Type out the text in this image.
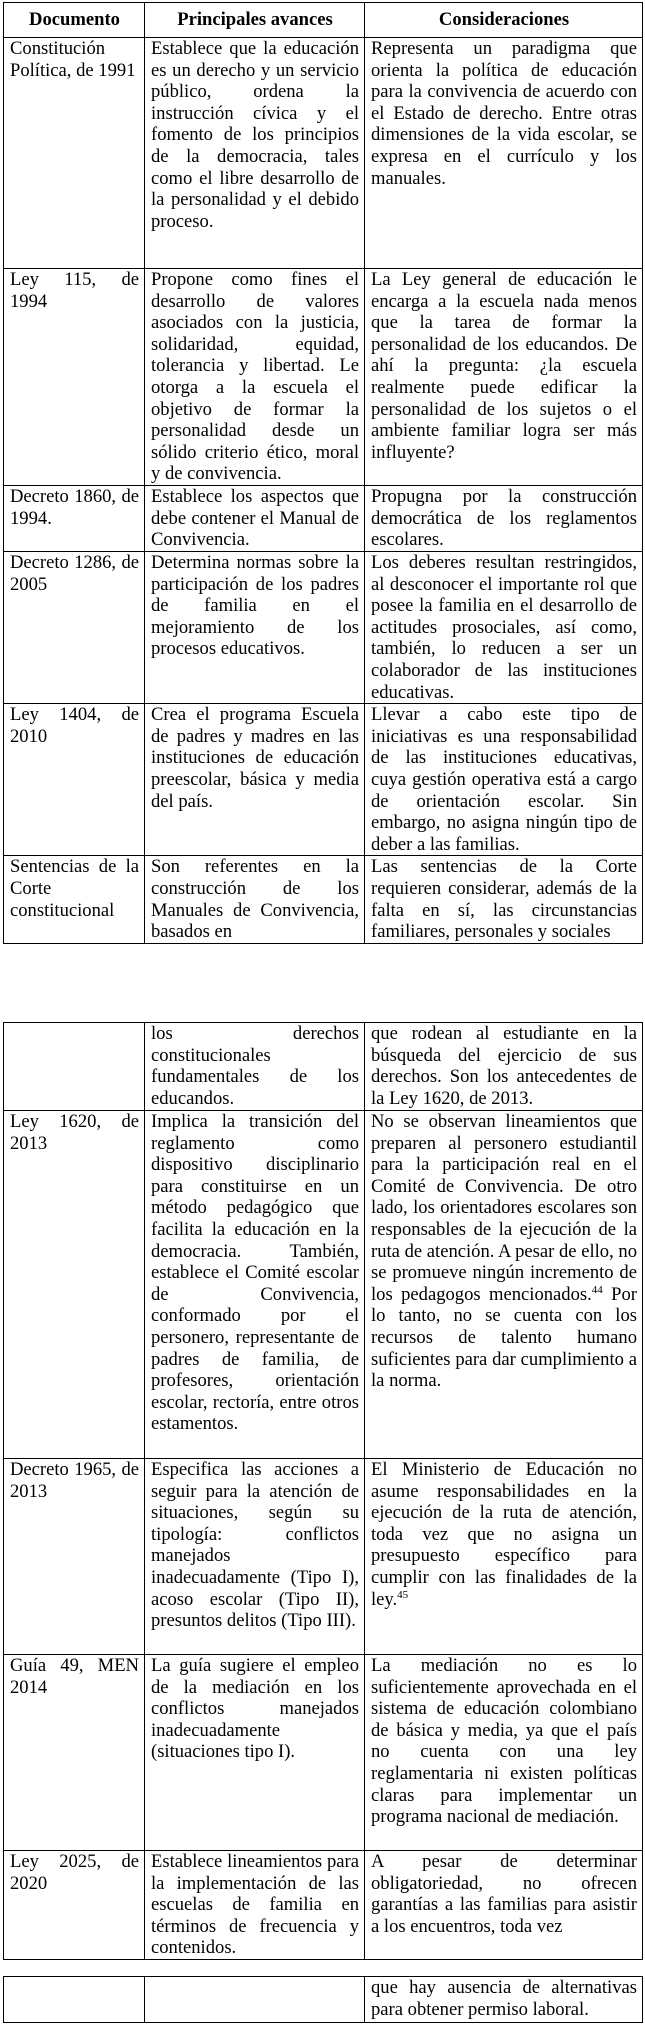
Documento	Principales avances	Consideraciones
Constitución Política, de 1991	Establece que la educación es un derecho y un servicio público, ordena la instrucción cívica y el fomento de los principios de la democracia, tales como el libre desarrollo de la personalidad y el debido proceso.	Representa un paradigma que orienta la política de educación para la convivencia de acuerdo con el Estado de derecho. Entre otras dimensiones de la vida escolar, se expresa en el currículo y los manuales.
Ley 115, de 1994	Propone como fines el desarrollo de valores asociados con la justicia, solidaridad, equidad, tolerancia y libertad. Le otorga a la escuela el objetivo de formar la personalidad desde un sólido criterio ético, moral y de convivencia.	La Ley general de educación le encarga a la escuela nada menos que la tarea de formar la personalidad de los educandos. De ahí la pregunta: ¿la escuela realmente puede edificar la personalidad de los sujetos o el ambiente familiar logra ser más influyente?
Decreto 1860, de 1994.	Establece los aspectos que debe contener el Manual de Convivencia.	Propugna por la construcción democrática de los reglamentos escolares.
Decreto 1286, de 2005	Determina normas sobre la participación de los padres de familia en el mejoramiento de los procesos educativos.	Los deberes resultan restringidos, al desconocer el importante rol que posee la familia en el desarrollo de actitudes prosociales, así como, también, lo reducen a ser un colaborador de las instituciones educativas.
Ley 1404, de 2010	Crea el programa Escuela de padres y madres en las instituciones de educación preescolar, básica y media del país.	Llevar a cabo este tipo de iniciativas es una responsabilidad de las instituciones educativas, cuya gestión operativa está a cargo de orientación escolar. Sin embargo, no asigna ningún tipo de deber a las familias.
Sentencias de la Corte constitucional	Son referentes en la construcción de los Manuales de Convivencia, basados en	Las sentencias de la Corte requieren considerar, además de la falta en sí, las circunstancias familiares, personales y sociales
	los derechos constitucionales fundamentales de los educandos.	que rodean al estudiante en la búsqueda del ejercicio de sus derechos. Son los antecedentes de la Ley 1620, de 2013.
Ley 1620, de 2013	Implica la transición del reglamento como dispositivo disciplinario para constituirse en un método pedagógico que facilita la educación en la democracia. También, establece el Comité escolar de Convivencia, conformado por el personero, representante de padres de familia, de profesores, orientación escolar, rectoría, entre otros estamentos.	No se observan lineamientos que preparen al personero estudiantil para la participación real en el Comité de Convivencia. De otro lado, los orientadores escolares son responsables de la ejecución de la ruta de atención. A pesar de ello, no se promueve ningún incremento de los pedagogos mencionados.$^{44}$ Por lo tanto, no se cuenta con los recursos de talento humano suficientes para dar cumplimiento a la norma.
Decreto 1965, de 2013	Especifica las acciones a seguir para la atención de situaciones, según su tipología: conflictos manejados inadecuadamente (Tipo I), acoso escolar (Tipo II), presuntos delitos (Tipo III).	El Ministerio de Educación no asume responsabilidades en la ejecución de la ruta de atención, toda vez que no asigna un presupuesto específico para cumplir con las finalidades de la ley.$^{45}$
Guía 49, MEN 2014	La guía sugiere el empleo de la mediación en los conflictos manejados inadecuadamente (situaciones tipo I).	La mediación no es lo suficientemente aprovechada en el sistema de educación colombiano de básica y media, ya que el país no cuenta con una ley reglamentaria ni existen políticas claras para implementar un programa nacional de mediación.
Ley 2025, de 2020	Establece lineamientos para la implementación de las escuelas de familia en términos de frecuencia y contenidos.	A pesar de determinar obligatoriedad, no ofrecen garantías a las familias para asistir a los encuentros, toda vez
		que hay ausencia de alternativas para obtener permiso laboral.
